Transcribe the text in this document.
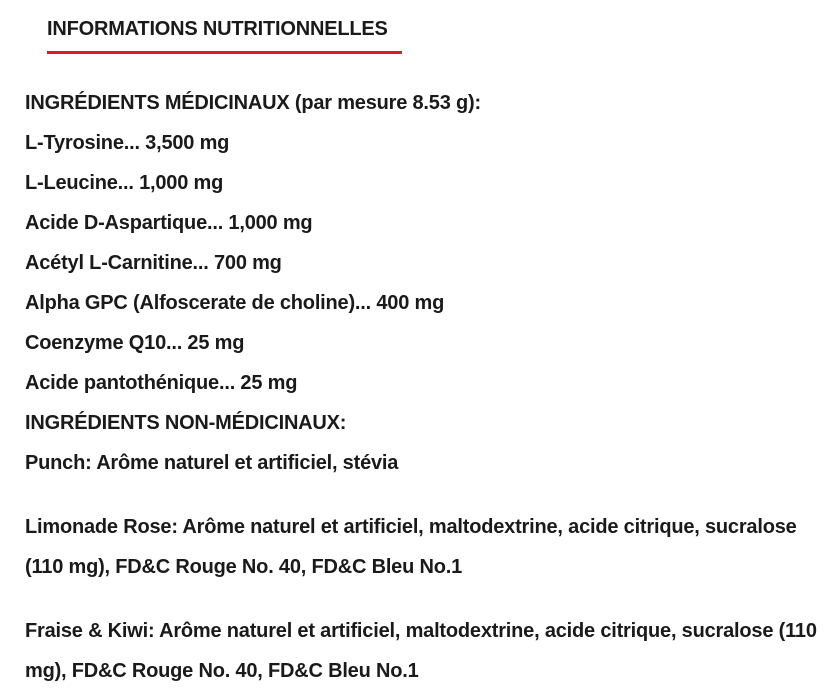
INFORMATIONS NUTRITIONNELLES
INGRÉDIENTS MÉDICINAUX (par mesure 8.53 g):
L-Tyrosine... 3,500 mg
L-Leucine... 1,000 mg
Acide D-Aspartique... 1,000 mg
Acétyl L-Carnitine... 700 mg
Alpha GPC (Alfoscerate de choline)... 400 mg
Coenzyme Q10... 25 mg
Acide pantothénique... 25 mg
INGRÉDIENTS NON-MÉDICINAUX:
Punch: Arôme naturel et artificiel, stévia
Limonade Rose: Arôme naturel et artificiel, maltodextrine, acide citrique, sucralose (110 mg), FD&C Rouge No. 40, FD&C Bleu No.1
Fraise & Kiwi: Arôme naturel et artificiel, maltodextrine, acide citrique, sucralose (110 mg), FD&C Rouge No. 40, FD&C Bleu No.1
